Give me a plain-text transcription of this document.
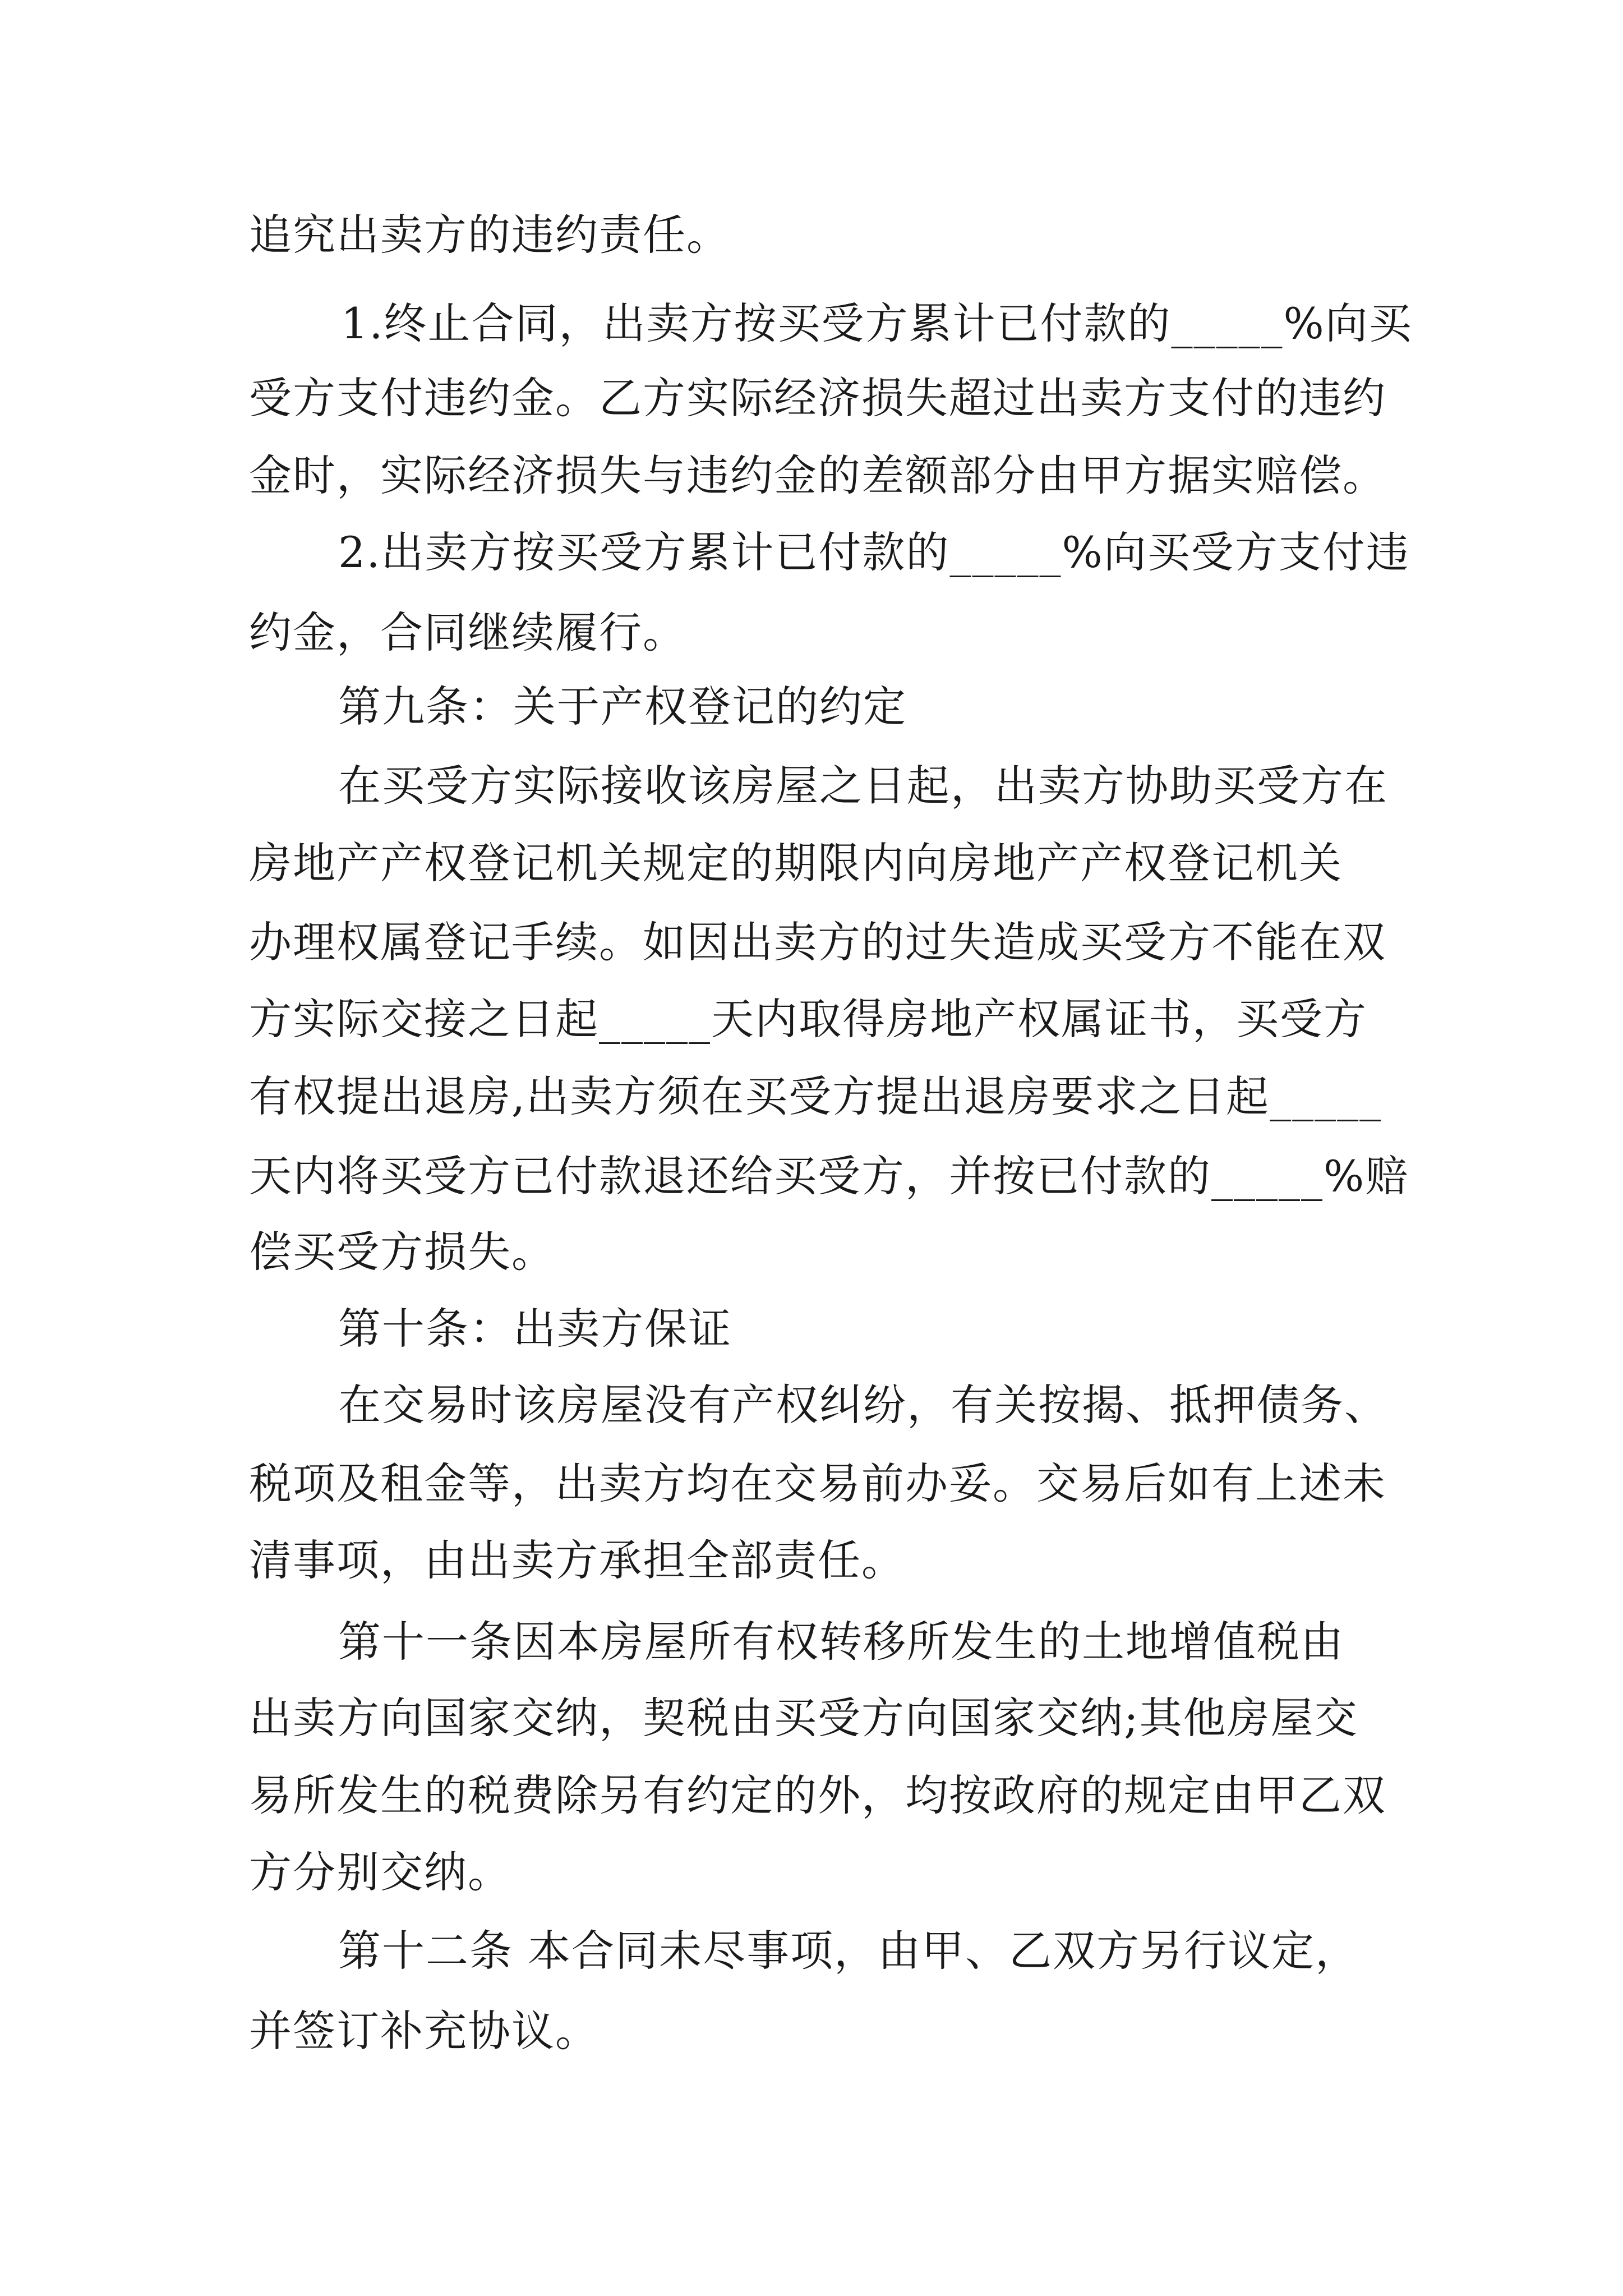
追究出卖方的违约责任。
1.终止合同，出卖方按买受方累计已付款的_____%向买
受方支付违约金。乙方实际经济损失超过出卖方支付的违约
金时，实际经济损失与违约金的差额部分由甲方据实赔偿。
2.出卖方按买受方累计已付款的_____%向买受方支付违
约金，合同继续履行。
第九条：关于产权登记的约定
在买受方实际接收该房屋之日起，出卖方协助买受方在
房地产产权登记机关规定的期限内向房地产产权登记机关
办理权属登记手续。如因出卖方的过失造成买受方不能在双
方实际交接之日起_____天内取得房地产权属证书，买受方
有权提出退房,出卖方须在买受方提出退房要求之日起_____
天内将买受方已付款退还给买受方，并按已付款的_____%赔
偿买受方损失。
第十条：出卖方保证
在交易时该房屋没有产权纠纷，有关按揭、抵押债务、
税项及租金等，出卖方均在交易前办妥。交易后如有上述未
清事项，由出卖方承担全部责任。
第十一条因本房屋所有权转移所发生的土地增值税由
出卖方向国家交纳，契税由买受方向国家交纳;其他房屋交
易所发生的税费除另有约定的外，均按政府的规定由甲乙双
方分别交纳。
第十二条 本合同未尽事项，由甲、乙双方另行议定，
并签订补充协议。
